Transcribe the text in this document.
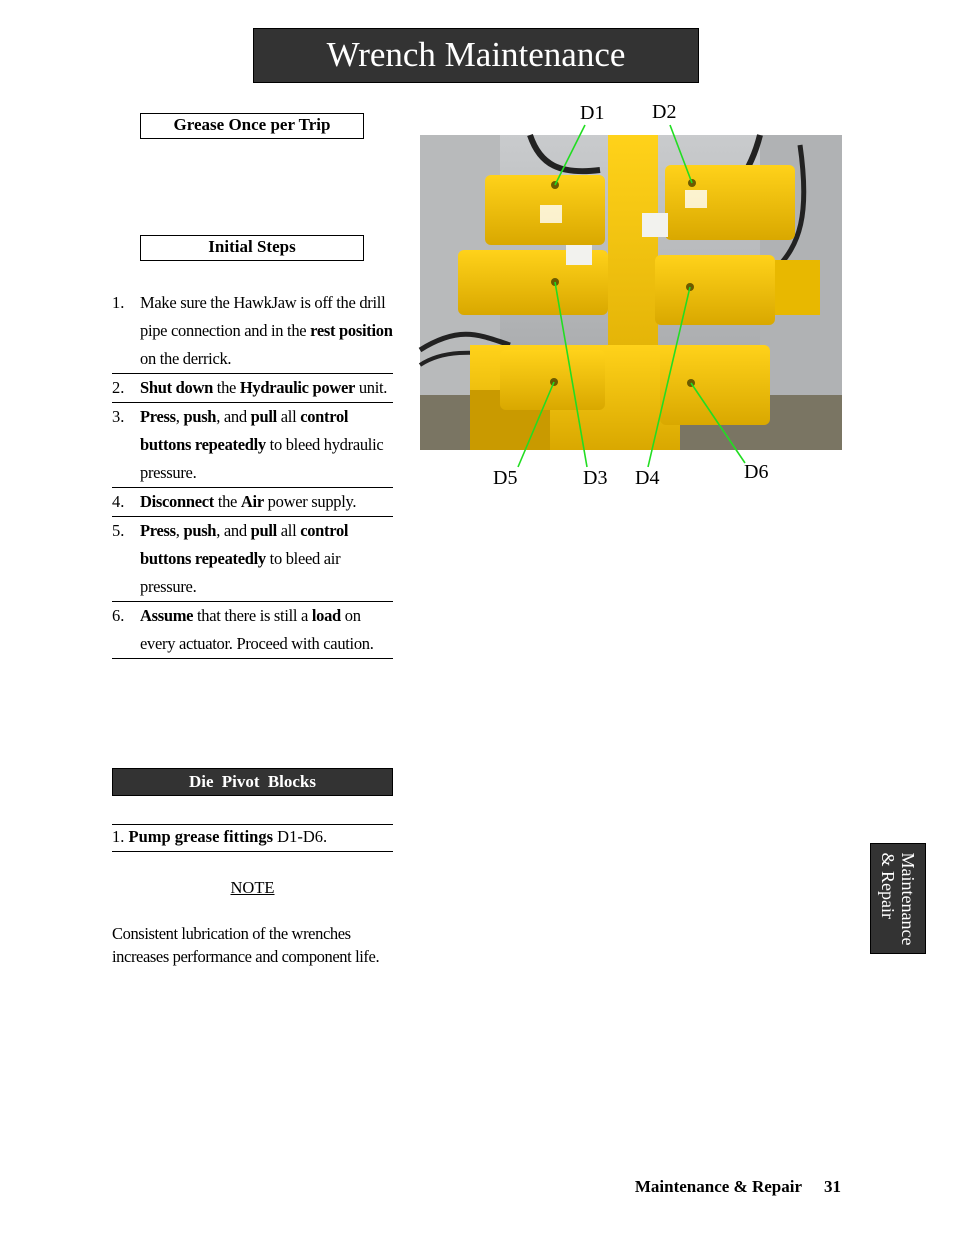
Wrench Maintenance
Grease Once per Trip
Initial Steps
1. Make sure the HawkJaw is off the drill pipe connection and in the rest position on the derrick.
2. Shut down the Hydraulic power unit.
3. Press, push, and pull all control buttons repeatedly to bleed hydraulic pressure.
4. Disconnect the Air power supply.
5. Press, push, and pull all control buttons repeatedly to bleed air pressure.
6. Assume that there is still a load on every actuator. Proceed with caution.
Die Pivot Blocks
1. Pump grease fittings D1-D6.
NOTE
Consistent lubrication of the wrenches increases performance and component life.
D1 D2
D5	D3 D4	D6
Maintenance
& Repair
Maintenance & Repair 31
